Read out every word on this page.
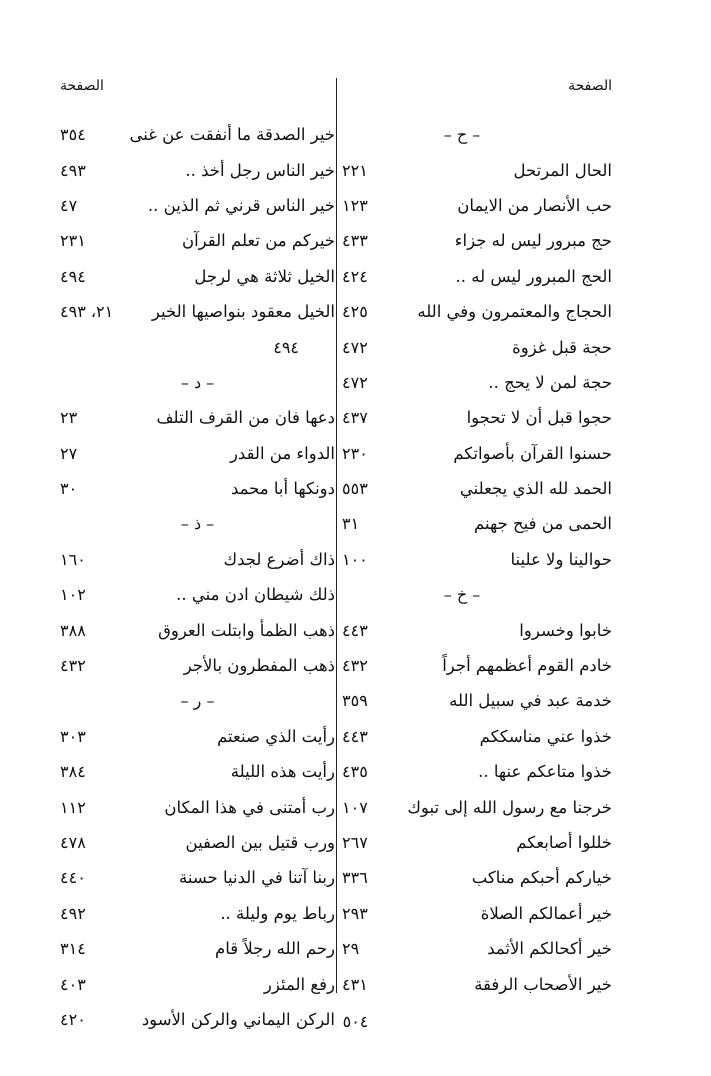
الصفحة
– ح –
الحال المرتحل
٢٢١
حب الأنصار من الايمان
١٢٣
حج مبرور ليس له جزاء
٤٣٣
الحج المبرور ليس له ..
٤٢٤
الحجاج والمعتمرون وفي الله
٤٢٥
حجة قبل غزوة
٤٧٢
حجة لمن لا يحج ..
٤٧٢
حجوا قبل أن لا تحجوا
٤٣٧
حسنوا القرآن بأصواتكم
٢٣٠
الحمد لله الذي يجعلني
٥٥٣
الحمى من فيح جهنم
٣١
حوالينا ولا علينا
١٠٠
– خ –
خابوا وخسروا
٤٤٣
خادم القوم أعظمهم أجراً
٤٣٢
خدمة عبد في سبيل الله
٣٥٩
خذوا عني مناسككم
٤٤٣
خذوا متاعكم عنها ..
٤٣٥
خرجنا مع رسول الله إلى تبوك
١٠٧
خللوا أصابعكم
٢٦٧
خياركم أحبكم مناكب
٣٣٦
خير أعمالكم الصلاة
٢٩٣
خير أكحالكم الأثمد
٢٩
خير الأصحاب الرفقة
٤٣١
الصفحة
خير الصدقة ما أنفقت عن غنى
٣٥٤
خير الناس رجل أخذ ..
٤٩٣
خير الناس قرني ثم الذين ..
٤٧
خيركم من تعلم القرآن
٢٣١
الخيل ثلاثة هي لرجل
٤٩٤
الخيل معقود بنواصيها الخير
٢١، ٤٩٣
٤٩٤
– د –
دعها فان من القرف التلف
٢٣
الدواء من القدر
٢٧
دونكها أبا محمد
٣٠
– ذ –
ذاك أضرع لجدك
١٦٠
ذلك شيطان ادن مني ..
١٠٢
ذهب الظمأ وابتلت العروق
٣٨٨
ذهب المفطرون بالأجر
٤٣٢
– ر –
رأيت الذي صنعتم
٣٠٣
رأيت هذه الليلة
٣٨٤
رب أمتنى في هذا المكان
١١٢
ورب قتيل بين الصفين
٤٧٨
ربنا آتنا في الدنيا حسنة
٤٤٠
رباط يوم وليلة ..
٤٩٢
رحم الله رجلاً قام
٣١٤
رفع المئزر
٤٠٣
الركن اليماني والركن الأسود
٤٢٠	٥٠٤
